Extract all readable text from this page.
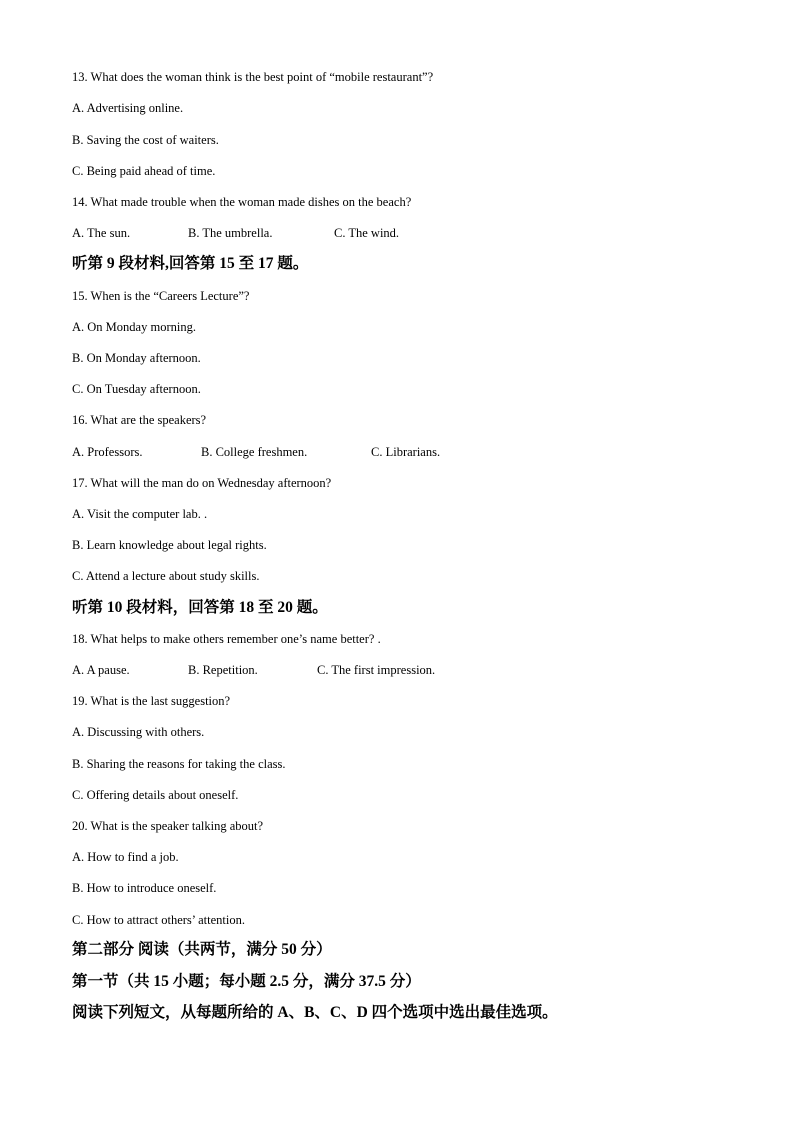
13. What does the woman think is the best point of “mobile restaurant”?
A. Advertising online.
B. Saving the cost of waiters.
C. Being paid ahead of time.
14. What made trouble when the woman made dishes on the beach?
A. The sun.	B. The umbrella.	C. The wind.
听第 9 段材料,回答第 15 至 17 题。
15. When is the “Careers Lecture”?
A. On Monday morning.
B. On Monday afternoon.
C. On Tuesday afternoon.
16. What are the speakers?
A. Professors.	B. College freshmen.	C. Librarians.
17. What will the man do on Wednesday afternoon?
A. Visit the computer lab. .
B. Learn knowledge about legal rights.
C. Attend a lecture about study skills.
听第 10 段材料，回答第 18 至 20 题。
18. What helps to make others remember one’s name better? .
A. A pause.	B. Repetition.	C. The first impression.
19. What is the last suggestion?
A. Discussing with others.
B. Sharing the reasons for taking the class.
C. Offering details about oneself.
20. What is the speaker talking about?
A. How to find a job.
B. How to introduce oneself.
C. How to attract others’ attention.
第二部分 阅读（共两节，满分 50 分）
第一节（共 15 小题；每小题 2.5 分，满分 37.5 分）
阅读下列短文，从每题所给的 A、B、C、D 四个选项中选出最佳选项。
